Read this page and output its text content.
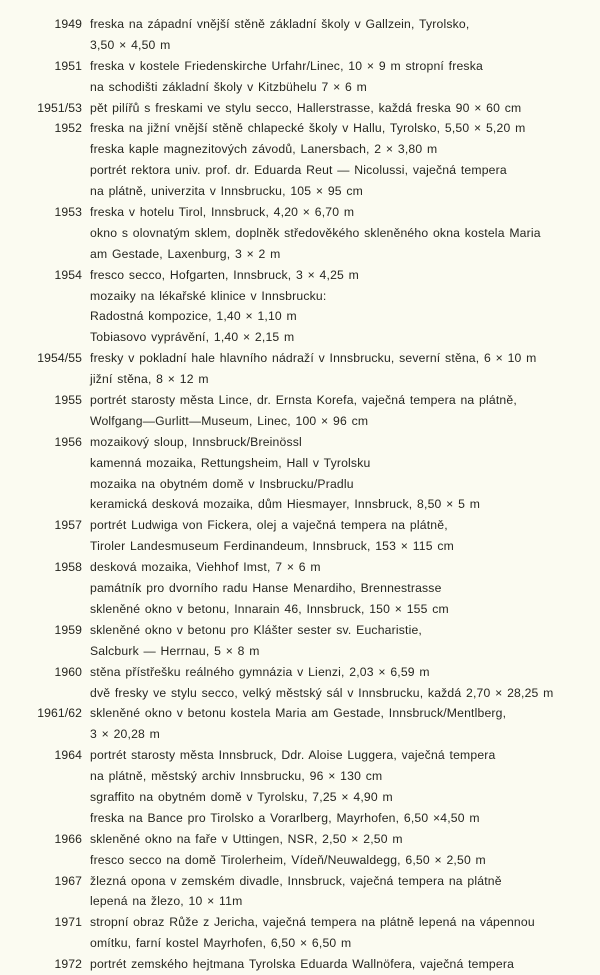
1949 freska na západní vnější stěně základní školy v Gallzein, Tyrolsko,
3,50 × 4,50 m
1951 freska v kostele Friedenskirche Urfahr/Linec, 10 × 9 m stropní freska
na schodišti základní školy v Kitzbühelu 7 × 6 m
1951/53 pět pilířů s freskami ve stylu secco, Hallerstrasse, každá freska 90 × 60 cm
1952 freska na jižní vnější stěně chlapecké školy v Hallu, Tyrolsko, 5,50 × 5,20 m
freska kaple magnezitových závodů, Lanersbach, 2 × 3,80 m
portrét rektora univ. prof. dr. Eduarda Reut — Nicolussi, vaječná tempera
na plátně, univerzita v Innsbrucku, 105 × 95 cm
1953 freska v hotelu Tirol, Innsbruck, 4,20 × 6,70 m
okno s olovnatým sklem, doplněk středověkého skleněného okna kostela Maria
am Gestade, Laxenburg, 3 × 2 m
1954 fresco secco, Hofgarten, Innsbruck, 3 × 4,25 m
mozaiky na lékařské klinice v Innsbrucku:
Radostná kompozice, 1,40 × 1,10 m
Tobiasovo vyprávění, 1,40 × 2,15 m
1954/55 fresky v pokladní hale hlavního nádraží v Innsbrucku, severní stěna, 6 × 10 m
jižní stěna, 8 × 12 m
1955 portrét starosty města Lince, dr. Ernsta Korefa, vaječná tempera na plátně,
Wolfgang—Gurlitt—Museum, Linec, 100 × 96 cm
1956 mozaikový sloup, Innsbruck/Breinössl
kamenná mozaika, Rettungsheim, Hall v Tyrolsku
mozaika na obytném domě v Insbrucku/Pradlu
keramická desková mozaika, dům Hiesmayer, Innsbruck, 8,50 × 5 m
1957 portrét Ludwiga von Fickera, olej a vaječná tempera na plátně,
Tiroler Landesmuseum Ferdinandeum, Innsbruck, 153 × 115 cm
1958 desková mozaika, Viehhof Imst, 7 × 6 m
památník pro dvorního radu Hanse Menardiho, Brennestrasse
skleněné okno v betonu, Innarain 46, Innsbruck, 150 × 155 cm
1959 skleněné okno v betonu pro Klášter sester sv. Eucharistie,
Salcburk — Herrnau, 5 × 8 m
1960 stěna přístřešku reálného gymnázia v Lienzi, 2,03 × 6,59 m
dvě fresky ve stylu secco, velký městský sál v Innsbrucku, každá 2,70 × 28,25 m
1961/62 skleněné okno v betonu kostela Maria am Gestade, Innsbruck/Mentlberg,
3 × 20,28 m
1964 portrét starosty města Innsbruck, Ddr. Aloise Luggera, vaječná tempera
na plátně, městský archiv Innsbrucku, 96 × 130 cm
sgraffito na obytném domě v Tyrolsku, 7,25 × 4,90 m
freska na Bance pro Tirolsko a Vorarlberg, Mayrhofen, 6,50 ×4,50 m
1966 skleněné okno na faře v Uttingen, NSR, 2,50 × 2,50 m
fresco secco na domě Tirolerheim, Vídeň/Neuwaldegg, 6,50 × 2,50 m
1967 žlezná opona v zemském divadle, Innsbruck, vaječná tempera na plátně
lepená na žlezo, 10 × 11m
1971 stropní obraz Růže z Jericha, vaječná tempera na plátně lepená na vápennou
omítku, farní kostel Mayrhofen, 6,50 × 6,50 m
1972 portrét zemského hejtmana Tyrolska Eduarda Wallnöfera, vaječná tempera
